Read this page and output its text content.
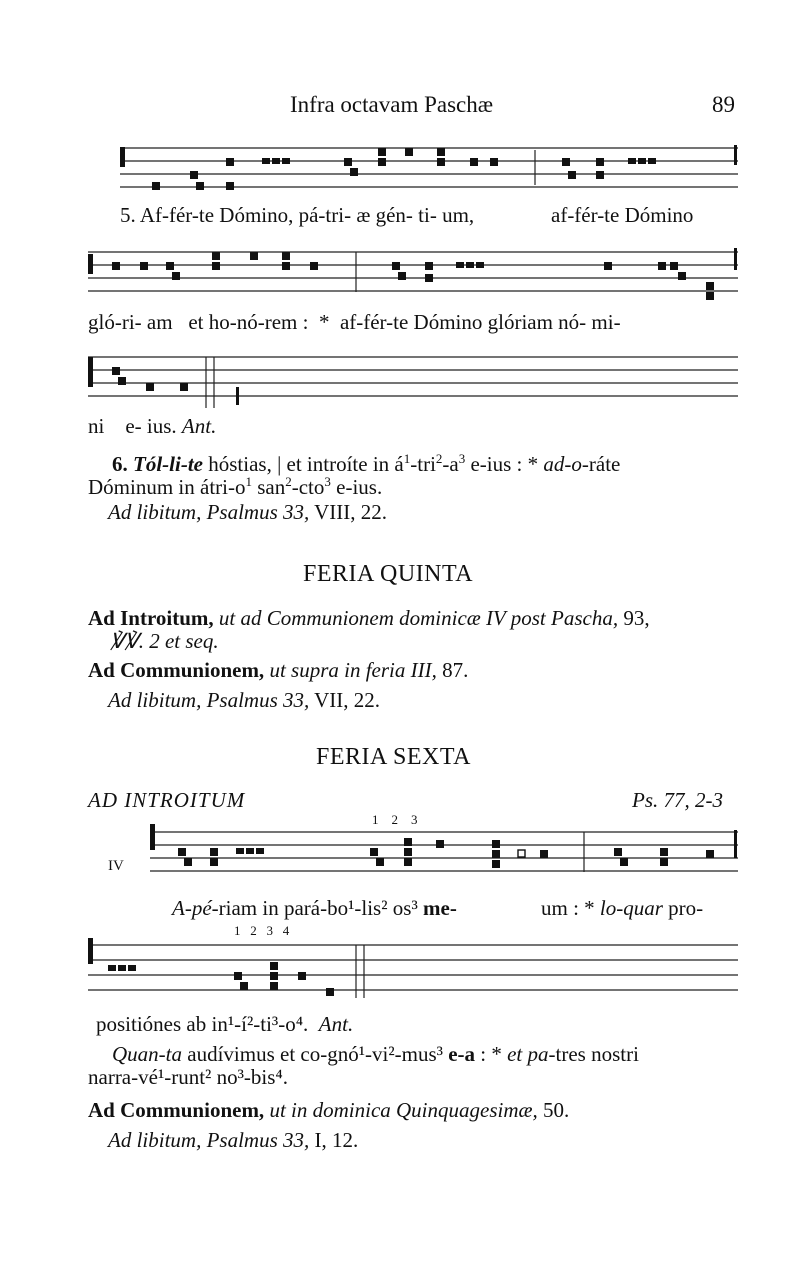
Infra octavam Paschæ	89
5. Af-fér-te Dómino, pá-tri- æ gén- ti- um,	af-fér-te Dómino
gló-ri- am et ho-nó-rem : * af-fér-te Dómino glóriam nó- mi-
ni e- ius. Ant.
6. Tól-li-te hóstias, | et introíte in $á^1-tri^2-a^3$ e-ius : * ad-o-ráte
Dóminum in átri-$o^1$ san$^2$-cto$^3$ e-ius.
Ad libitum, Psalmus 33, VIII, 22.
FERIA QUINTA
Ad Introitum, ut ad Communionem dominicæ IV post Pascha, 93,
℣℣. 2 et seq.
Ad Communionem, ut supra in feria III, 87.
Ad libitum, Psalmus 33, VII, 22.
FERIA SEXTA
AD INTROITUM	Ps. 77, 2-3
1    2    3
IV
A-pé-riam in pará-bo¹-lis² os³ me-	um : * lo-quar pro-
1   2   3   4
positiónes ab in¹-í²-ti³-o⁴. Ant.
Quan-ta audívimus et co-gnó¹-vi²-mus³ e-a : * et pa-tres nostri
narra-vé¹-runt² no³-bis⁴.
Ad Communionem, ut in dominica Quinquagesimæ, 50.
Ad libitum, Psalmus 33, I, 12.
